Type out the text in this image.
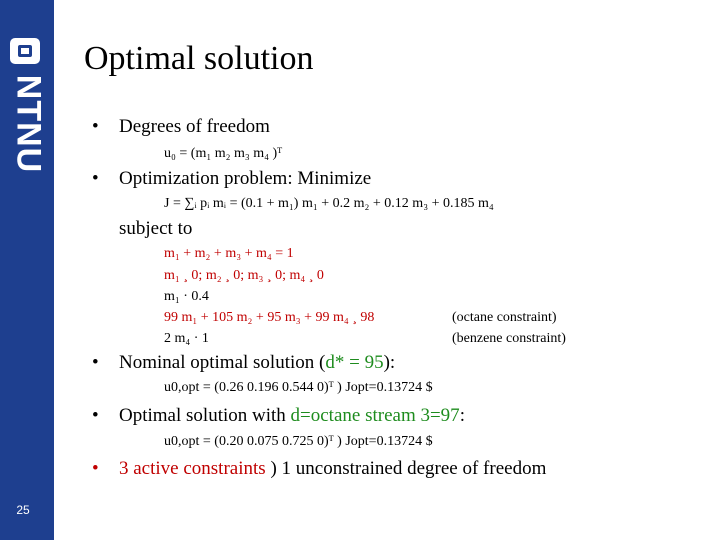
NTNU
25
Optimal solution
• Degrees of freedom
u₀ = (m₁ m₂ m₃ m₄ )ᵀ
• Optimization problem: Minimize
J = ∑ᵢ pᵢ mᵢ = (0.1 + m₁) m₁ + 0.2 m₂ + 0.12 m₃ + 0.185 m₄
subject to
m₁ + m₂ + m₃ + m₄ = 1
m₁ ¸ 0; m₂ ¸ 0; m₃ ¸ 0; m₄ ¸ 0
m₁ · 0.4
99 m₁ + 105 m₂ + 95 m₃ + 99 m₄ ¸ 98
2 m₄ · 1
(octane constraint)
(benzene constraint)
• Nominal optimal solution (d* = 95):
u0,opt = (0.26 0.196 0.544 0)ᵀ ) Jopt=0.13724 $
• Optimal solution with d=octane stream 3=97:
u0,opt = (0.20 0.075 0.725 0)ᵀ ) Jopt=0.13724 $
• 3 active constraints ) 1 unconstrained degree of freedom
